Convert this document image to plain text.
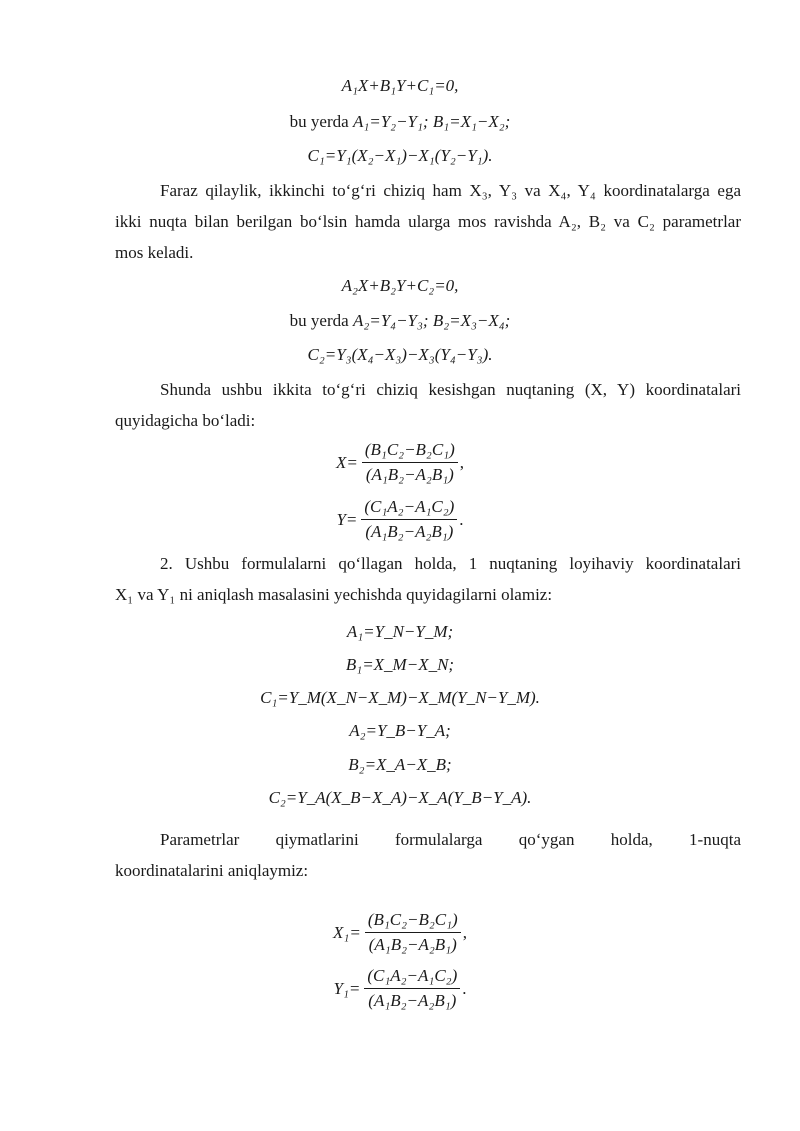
A₁X+B₁Y+C₁=0,
bu yerda A₁=Y₂−Y₁; B₁=X₁−X₂;
C₁=Y₁(X₂−X₁)−X₁(Y₂−Y₁).
Faraz qilaylik, ikkinchi to‘g‘ri chiziq ham X₃, Y₃ va X₄, Y₄ koordinatalarga ega
ikki nuqta bilan berilgan bo‘lsin hamda ularga mos ravishda A₂, B₂ va C₂ parametrlar
mos keladi.
A₂X+B₂Y+C₂=0,
bu yerda A₂=Y₄−Y₃; B₂=X₃−X₄;
C₂=Y₃(X₄−X₃)−X₃(Y₄−Y₃).
Shunda ushbu ikkita to‘g‘ri chiziq kesishgan nuqtaning (X, Y) koordinatalari
quyidagicha bo‘ladi:
$X= \frac{\text{(B₁C₂−B₂C₁)}}{\text{(A₁B₂−A₂B₁)}}$ ,
$Y= \frac{\text{(C₁A₂−A₁C₂)}}{\text{(A₁B₂−A₂B₁)}}$ .
2. Ushbu formulalarni qo‘llagan holda, 1 nuqtaning loyihaviy koordinatalari
X₁ va Y₁ ni aniqlash masalasini yechishda quyidagilarni olamiz:
A₁=Y_N−Y_M;
B₁=X_M−X_N;
C₁=Y_M(X_N−X_M)−X_M(Y_N−Y_M).
A₂=Y_B−Y_A;
B₂=X_A−X_B;
C₂=Y_A(X_B−X_A)−X_A(Y_B−Y_A).
Parametrlar qiymatlarini formulalarga qo‘ygan holda, 1-nuqta
koordinatalarini aniqlaymiz:
$X_1= \frac{\text{(B₁C₂−B₂C₁)}}{\text{(A₁B₂−A₂B₁)}}$ ,
$Y_1= \frac{\text{(C₁A₂−A₁C₂)}}{\text{(A₁B₂−A₂B₁)}}$ .
